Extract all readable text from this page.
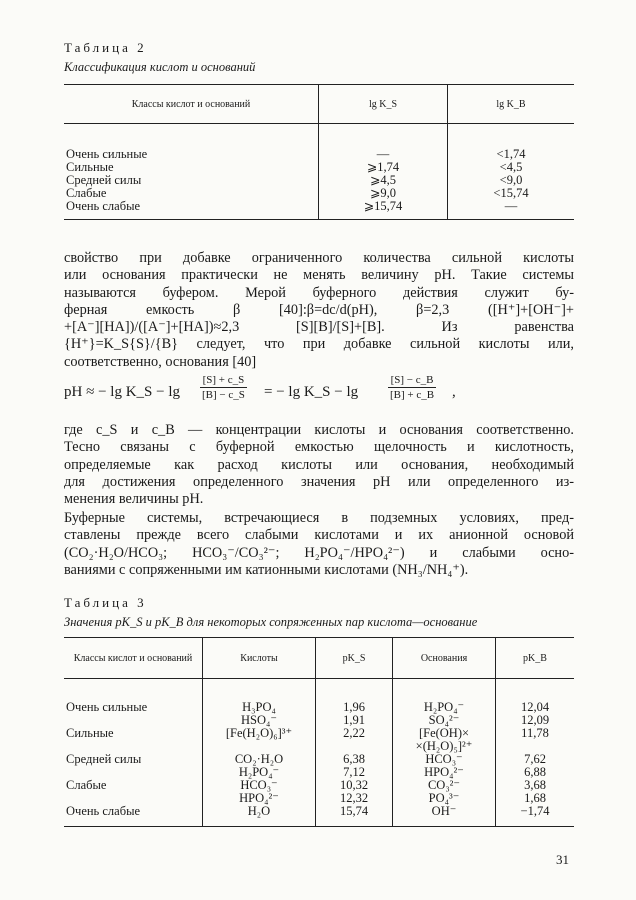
Таблица 2
Классификация кислот и оснований
Классы кислот и оснований	lg K_S	lg K_B
Очень сильные	—	<1,74
Сильные	⩾1,74	<4,5
Средней силы	⩾4,5	<9,0
Слабые	⩾9,0	<15,74
Очень слабые	⩾15,74	—
свойство при добавке ограниченного количества сильной кислоты
или основания практически не менять величину pH. Такие системы
называются буфером. Мерой буферного действия служит бу-
ферная емкость β [40]:β=dc/d(pH), β=2,3 ([H⁺]+[OH⁻]+
+[A⁻][HA])/([A⁻]+[HA])≈2,3 [S][B]/[S]+[B]. Из равенства
{H⁺}=K_S{S}/{B} следует, что при добавке сильной кислоты или,
соответственно, основания [40]
pH ≈ − lg K_S − $\lg \frac{[S] + c\_S}{[B] - c\_S}$ = − lg K_S − lg	$\frac{[S] - c\_B}{[B] + c\_B}$ ,
где c_S и c_B — концентрации кислоты и основания соответственно.
Тесно связаны с буферной емкостью щелочность и кислотность,
определяемые как расход кислоты или основания, необходимый
для достижения определенного значения pH или определенного из-
менения величины pH.
Буферные системы, встречающиеся в подземных условиях, пред-
ставлены прежде всего слабыми кислотами и их анионной основой
(CO₂·H₂O/HCO₃; HCO₃⁻/CO₃²⁻; H₂PO₄⁻/HPO₄²⁻) и слабыми осно-
ваниями с сопряженными им катионными кислотами (NH₃/NH₄⁺).
Таблица 3
Значения pK_S и pK_B для некоторых сопряженных пар кислота—основание
Классы кислот и оснований	Кислоты	pK_S	Основания	pK_B
Очень сильные	H₃PO₄	1,96	H₂PO₄⁻	12,04
	HSO₄⁻	1,91	SO₄²⁻	12,09
Сильные	[Fe(H₂O)₆]³⁺	2,22	[Fe(OH)×	11,78
			×(H₂O)₅]²⁺	
Средней силы	CO₂·H₂O	6,38	HCO₃⁻	7,62
	H₂PO₄⁻	7,12	HPO₄²⁻	6,88
Слабые	HCO₃⁻	10,32	CO₃²⁻	3,68
	HPO₄²⁻	12,32	PO₄³⁻	1,68
Очень слабые	H₂O	15,74	OH⁻	−1,74
31
